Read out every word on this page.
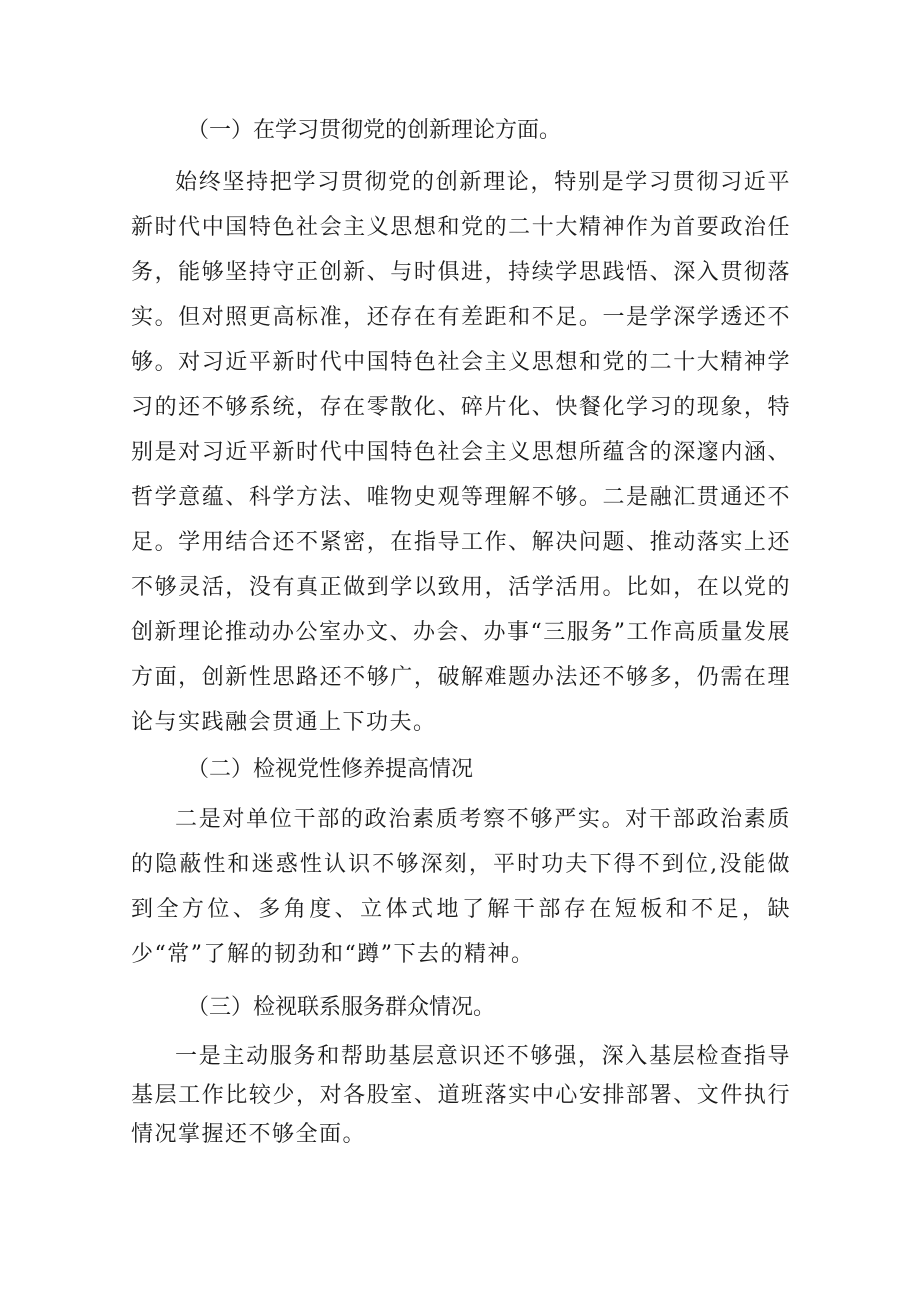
（一）在学习贯彻党的创新理论方面。

始终坚持把学习贯彻党的创新理论，特别是学习贯彻习近平新时代中国特色社会主义思想和党的二十大精神作为首要政治任务，能够坚持守正创新、与时俱进，持续学思践悟、深入贯彻落实。但对照更高标准，还存在有差距和不足。一是学深学透还不够。对习近平新时代中国特色社会主义思想和党的二十大精神学习的还不够系统，存在零散化、碎片化、快餐化学习的现象，特别是对习近平新时代中国特色社会主义思想所蕴含的深邃内涵、哲学意蕴、科学方法、唯物史观等理解不够。二是融汇贯通还不足。学用结合还不紧密，在指导工作、解决问题、推动落实上还不够灵活，没有真正做到学以致用，活学活用。比如，在以党的创新理论推动办公室办文、办会、办事“三服务”工作高质量发展方面，创新性思路还不够广，破解难题办法还不够多，仍需在理论与实践融会贯通上下功夫。

（二）检视党性修养提高情况

二是对单位干部的政治素质考察不够严实。对干部政治素质的隐蔽性和迷惑性认识不够深刻，平时功夫下得不到位,没能做到全方位、多角度、立体式地了解干部存在短板和不足，缺少“常”了解的韧劲和“蹲”下去的精神。

（三）检视联系服务群众情况。

一是主动服务和帮助基层意识还不够强，深入基层检查指导基层工作比较少，对各股室、道班落实中心安排部署、文件执行情况掌握还不够全面。
